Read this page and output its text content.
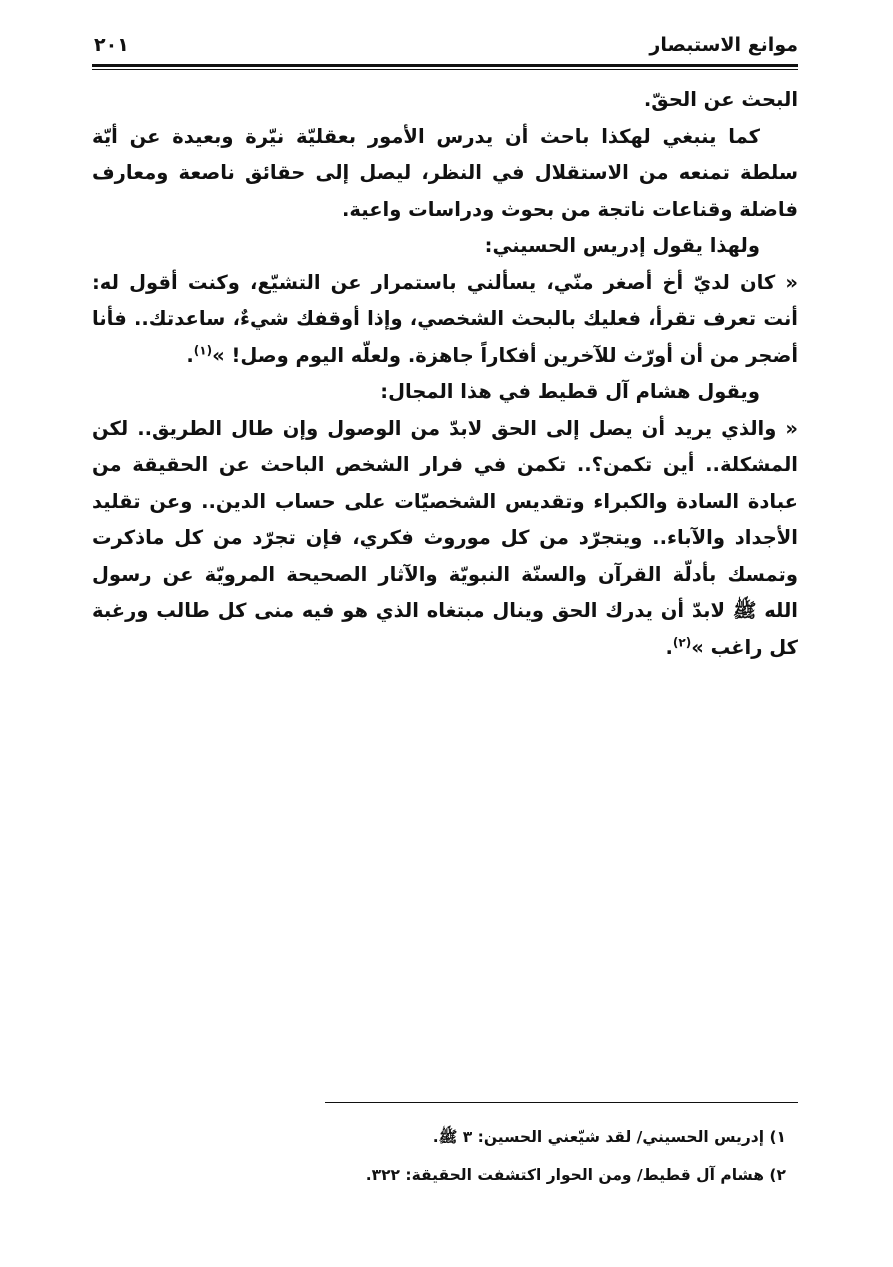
موانع الاستبصار
٢٠١

البحث عن الحقّ.

كما ينبغي لهكذا باحث أن يدرس الأمور بعقليّة نيّرة وبعيدة عن أيّة سلطة تمنعه من الاستقلال في النظر، ليصل إلى حقائق ناصعة ومعارف فاضلة وقناعات ناتجة من بحوث ودراسات واعية.

ولهذا يقول إدريس الحسيني:

« كان لديّ أخ أصغر منّي، يسألني باستمرار عن التشيّع، وكنت أقول له: أنت تعرف تقرأ، فعليك بالبحث الشخصي، وإذا أوقفك شيءٌ، ساعدتك.. فأنا أضجر من أن أورّث للآخرين أفكاراً جاهزة. ولعلّه اليوم وصل! »$^{(١)}$.

ويقول هشام آل قطيط في هذا المجال:

« والذي يريد أن يصل إلى الحق لابدّ من الوصول وإن طال الطريق.. لكن المشكلة.. أين تكمن؟.. تكمن في فرار الشخص الباحث عن الحقيقة من عبادة السادة والكبراء وتقديس الشخصيّات على حساب الدين.. وعن تقليد الأجداد والآباء.. ويتجرّد من كل موروث فكري، فإن تجرّد من كل ماذكرت وتمسك بأدلّة القرآن والسنّة النبويّة والآثار الصحيحة المرويّة عن رسول الله ﷺ لابدّ أن يدرك الحق وينال مبتغاه الذي هو فيه منى كل طالب ورغبة كل راغب »$^{(٢)}$.

١) إدريس الحسيني/ لقد شيّعني الحسين: ٣ ﷺ.

٢) هشام آل قطيط/ ومن الحوار اكتشفت الحقيقة: ٣٢٢.
